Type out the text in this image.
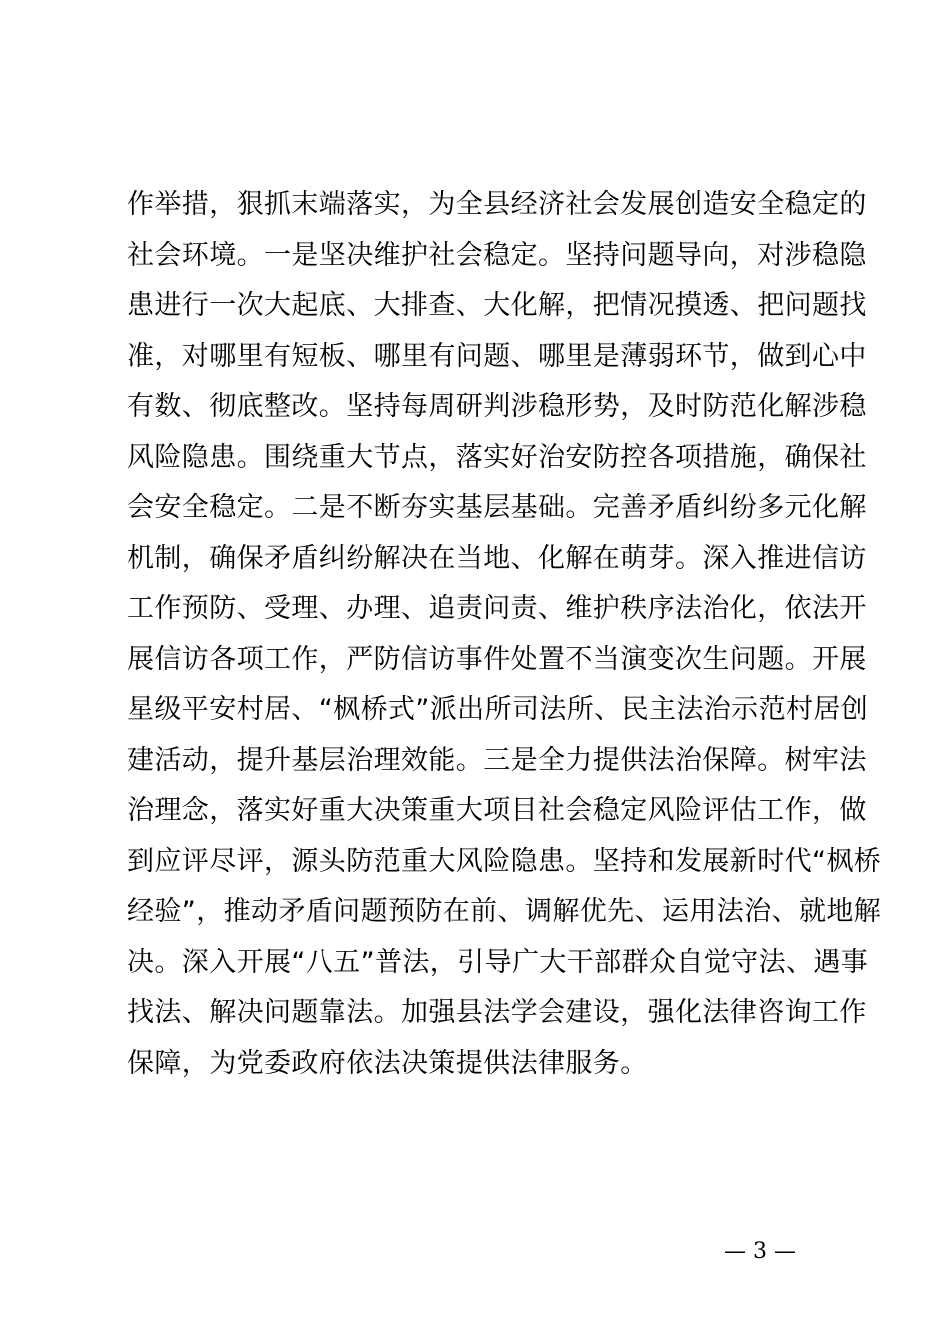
作举措，狠抓末端落实，为全县经济社会发展创造安全稳定的
社会环境。一是坚决维护社会稳定。坚持问题导向，对涉稳隐
患进行一次大起底、大排查、大化解，把情况摸透、把问题找
准，对哪里有短板、哪里有问题、哪里是薄弱环节，做到心中
有数、彻底整改。坚持每周研判涉稳形势，及时防范化解涉稳
风险隐患。围绕重大节点，落实好治安防控各项措施，确保社
会安全稳定。二是不断夯实基层基础。完善矛盾纠纷多元化解
机制，确保矛盾纠纷解决在当地、化解在萌芽。深入推进信访
工作预防、受理、办理、追责问责、维护秩序法治化，依法开
展信访各项工作，严防信访事件处置不当演变次生问题。开展
星级平安村居、“枫桥式”派出所司法所、民主法治示范村居创
建活动，提升基层治理效能。三是全力提供法治保障。树牢法
治理念，落实好重大决策重大项目社会稳定风险评估工作，做
到应评尽评，源头防范重大风险隐患。坚持和发展新时代“枫桥
经验”，推动矛盾问题预防在前、调解优先、运用法治、就地解
决。深入开展“八五”普法，引导广大干部群众自觉守法、遇事
找法、解决问题靠法。加强县法学会建设，强化法律咨询工作
保障，为党委政府依法决策提供法律服务。
— 3 —
